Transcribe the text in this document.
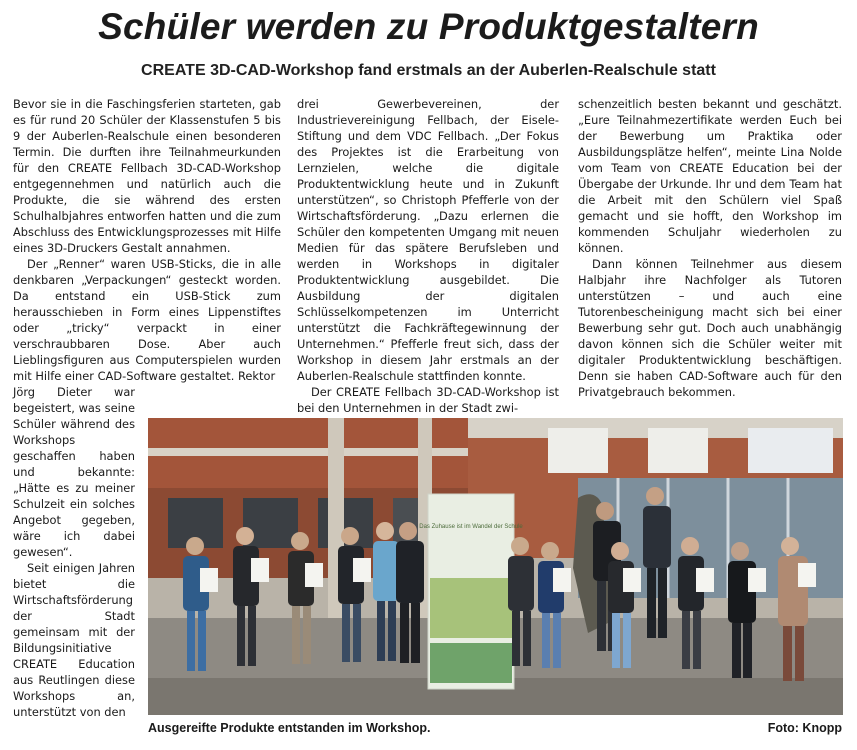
Schüler werden zu Produktgestaltern
CREATE 3D-CAD-Workshop fand erstmals an der Auberlen-Realschule statt

Bevor sie in die Faschingsferien starteten, gab es für rund 20 Schüler der Klassenstufen 5 bis 9 der Auberlen-Realschule einen besonderen Termin. Die durften ihre Teilnahmeurkunden für den CREATE Fellbach 3D-CAD-Workshop entgegennehmen und natürlich auch die Produkte, die sie während des ersten Schulhalbjahres entworfen hatten und die zum Abschluss des Entwicklungsprozesses mit Hilfe eines 3D-Druckers Gestalt annahmen.

Der „Renner“ waren USB-Sticks, die in alle denkbaren „Verpackungen“ gesteckt worden. Da entstand ein USB-Stick zum herausschieben in Form eines Lippenstiftes oder „tricky“ verpackt in einer verschraubbaren Dose. Aber auch Lieblingsfiguren aus Computerspielen wurden mit Hilfe einer CAD-Software gestaltet. Rektor

Jörg Dieter war begeistert, was seine Schüler während des Workshops geschaffen haben und bekannte: „Hätte es zu meiner Schulzeit ein solches Angebot gegeben, wäre ich dabei gewesen“.

Seit einigen Jahren bietet die Wirtschaftsförderung der Stadt gemeinsam mit der Bildungsinitiative CREATE Education aus Reutlingen diese Workshops an, unterstützt von den

drei Gewerbevereinen, der Industrievereinigung Fellbach, der Eisele-Stiftung und dem VDC Fellbach. „Der Fokus des Projektes ist die Erarbeitung von Lernzielen, welche die digitale Produktentwicklung heute und in Zukunft unterstützen“, so Christoph Pfefferle von der Wirtschaftsförderung. „Dazu erlernen die Schüler den kompetenten Umgang mit neuen Medien für das spätere Berufsleben und werden in Workshops in digitaler Produktentwicklung ausgebildet. Die Ausbildung der digitalen Schlüsselkompetenzen im Unterricht unterstützt die Fachkräftegewinnung der Unternehmen.“ Pfefferle freut sich, dass der Workshop in diesem Jahr erstmals an der Auberlen-Realschule stattfinden konnte.

Der CREATE Fellbach 3D-CAD-Workshop ist bei den Unternehmen in der Stadt zwi-

schenzeitlich besten bekannt und geschätzt. „Eure Teilnahmezertifikate werden Euch bei der Bewerbung um Praktika oder Ausbildungsplätze helfen“, meinte Lina Nolde vom Team von CREATE Education bei der Übergabe der Urkunde. Ihr und dem Team hat die Arbeit mit den Schülern viel Spaß gemacht und sie hofft, den Workshop im kommenden Schuljahr wiederholen zu können.

Dann können Teilnehmer aus diesem Halbjahr ihre Nachfolger als Tutoren unterstützen – und auch eine Tutorenbescheinigung macht sich bei einer Bewerbung sehr gut. Doch auch unabhängig davon können sich die Schüler weiter mit digitaler Produktentwicklung beschäftigen. Denn sie haben CAD-Software auch für den Privatgebrauch bekommen.

Das Zuhause ist im Wandel der Schule
Ausgereifte Produkte entstanden im Workshop.	Foto: Knopp
